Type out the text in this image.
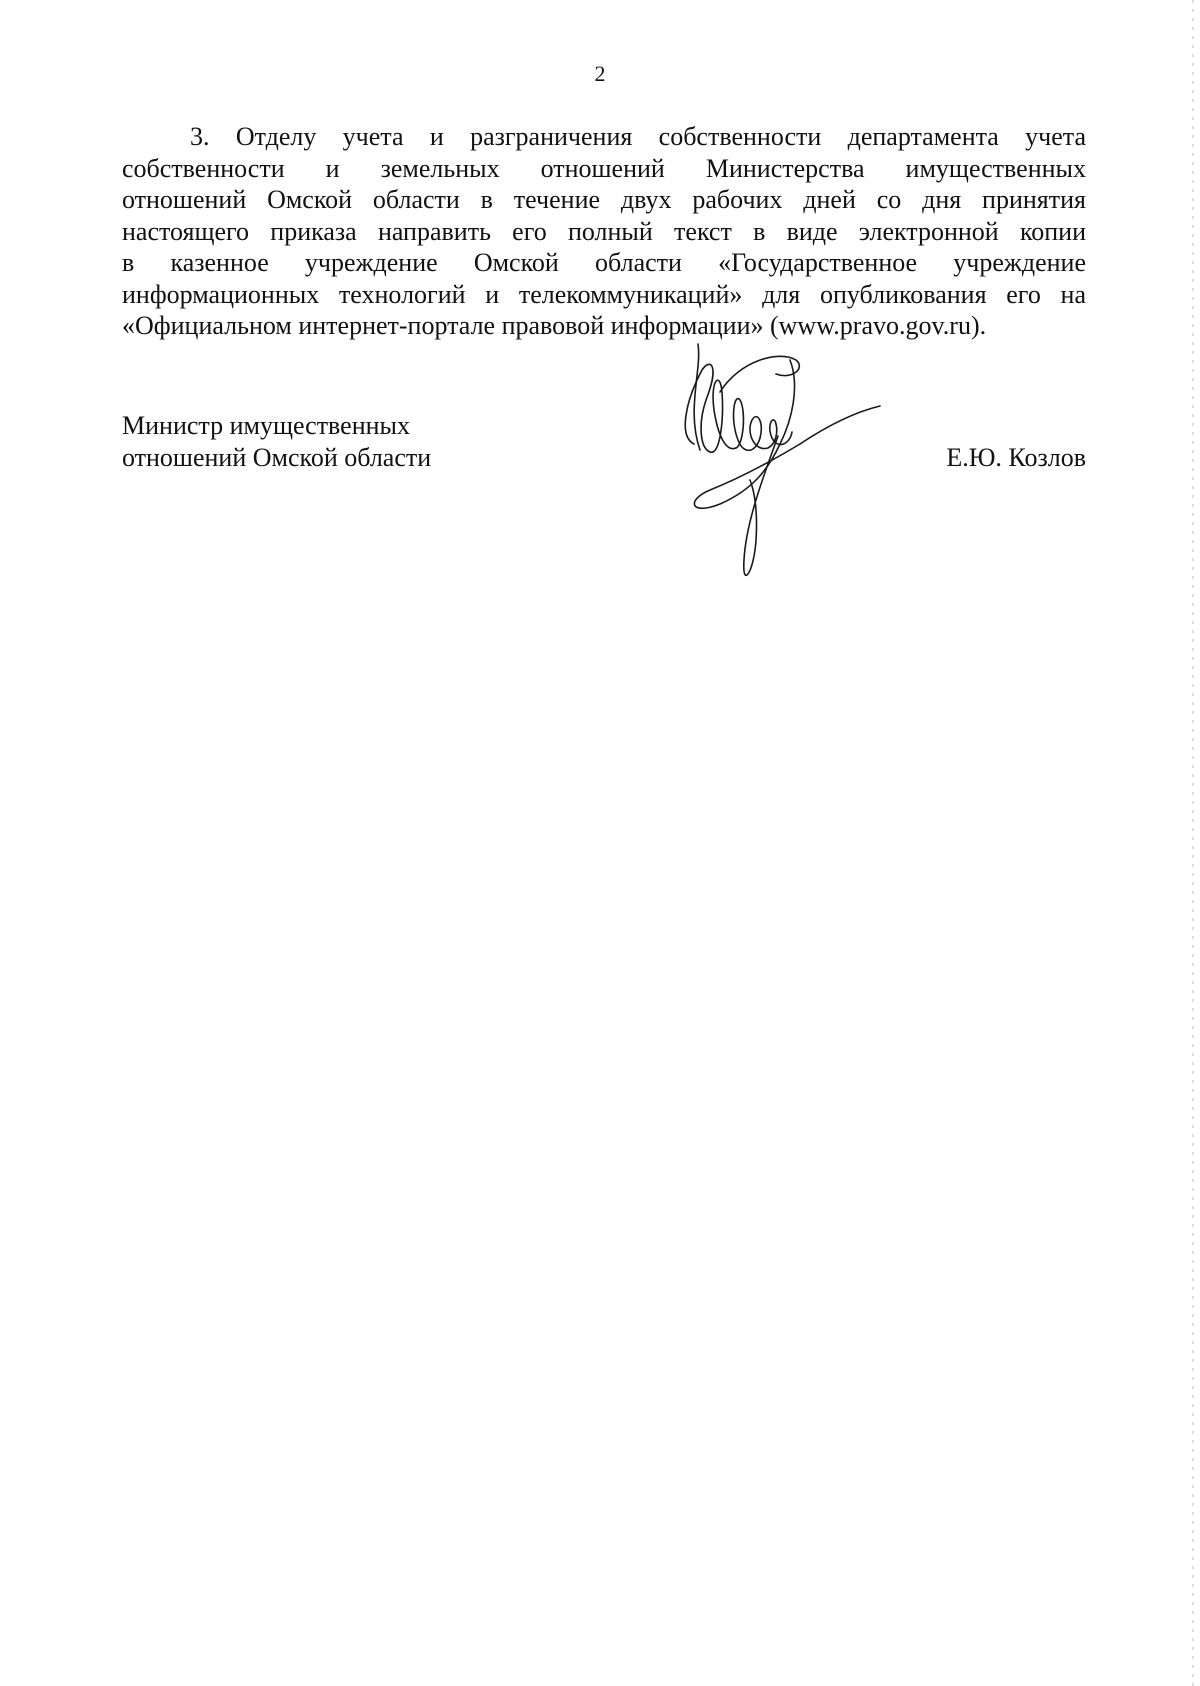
2
3. Отделу учета и разграничения собственности департамента учета
собственности и земельных отношений Министерства имущественных
отношений Омской области в течение двух рабочих дней со дня принятия
настоящего приказа направить его полный текст в виде электронной копии
в казенное учреждение Омской области «Государственное учреждение
информационных технологий и телекоммуникаций» для опубликования его на
«Официальном интернет-портале правовой информации» (www.pravo.gov.ru).
Министр имущественных
отношений Омской области	Е.Ю. Козлов
